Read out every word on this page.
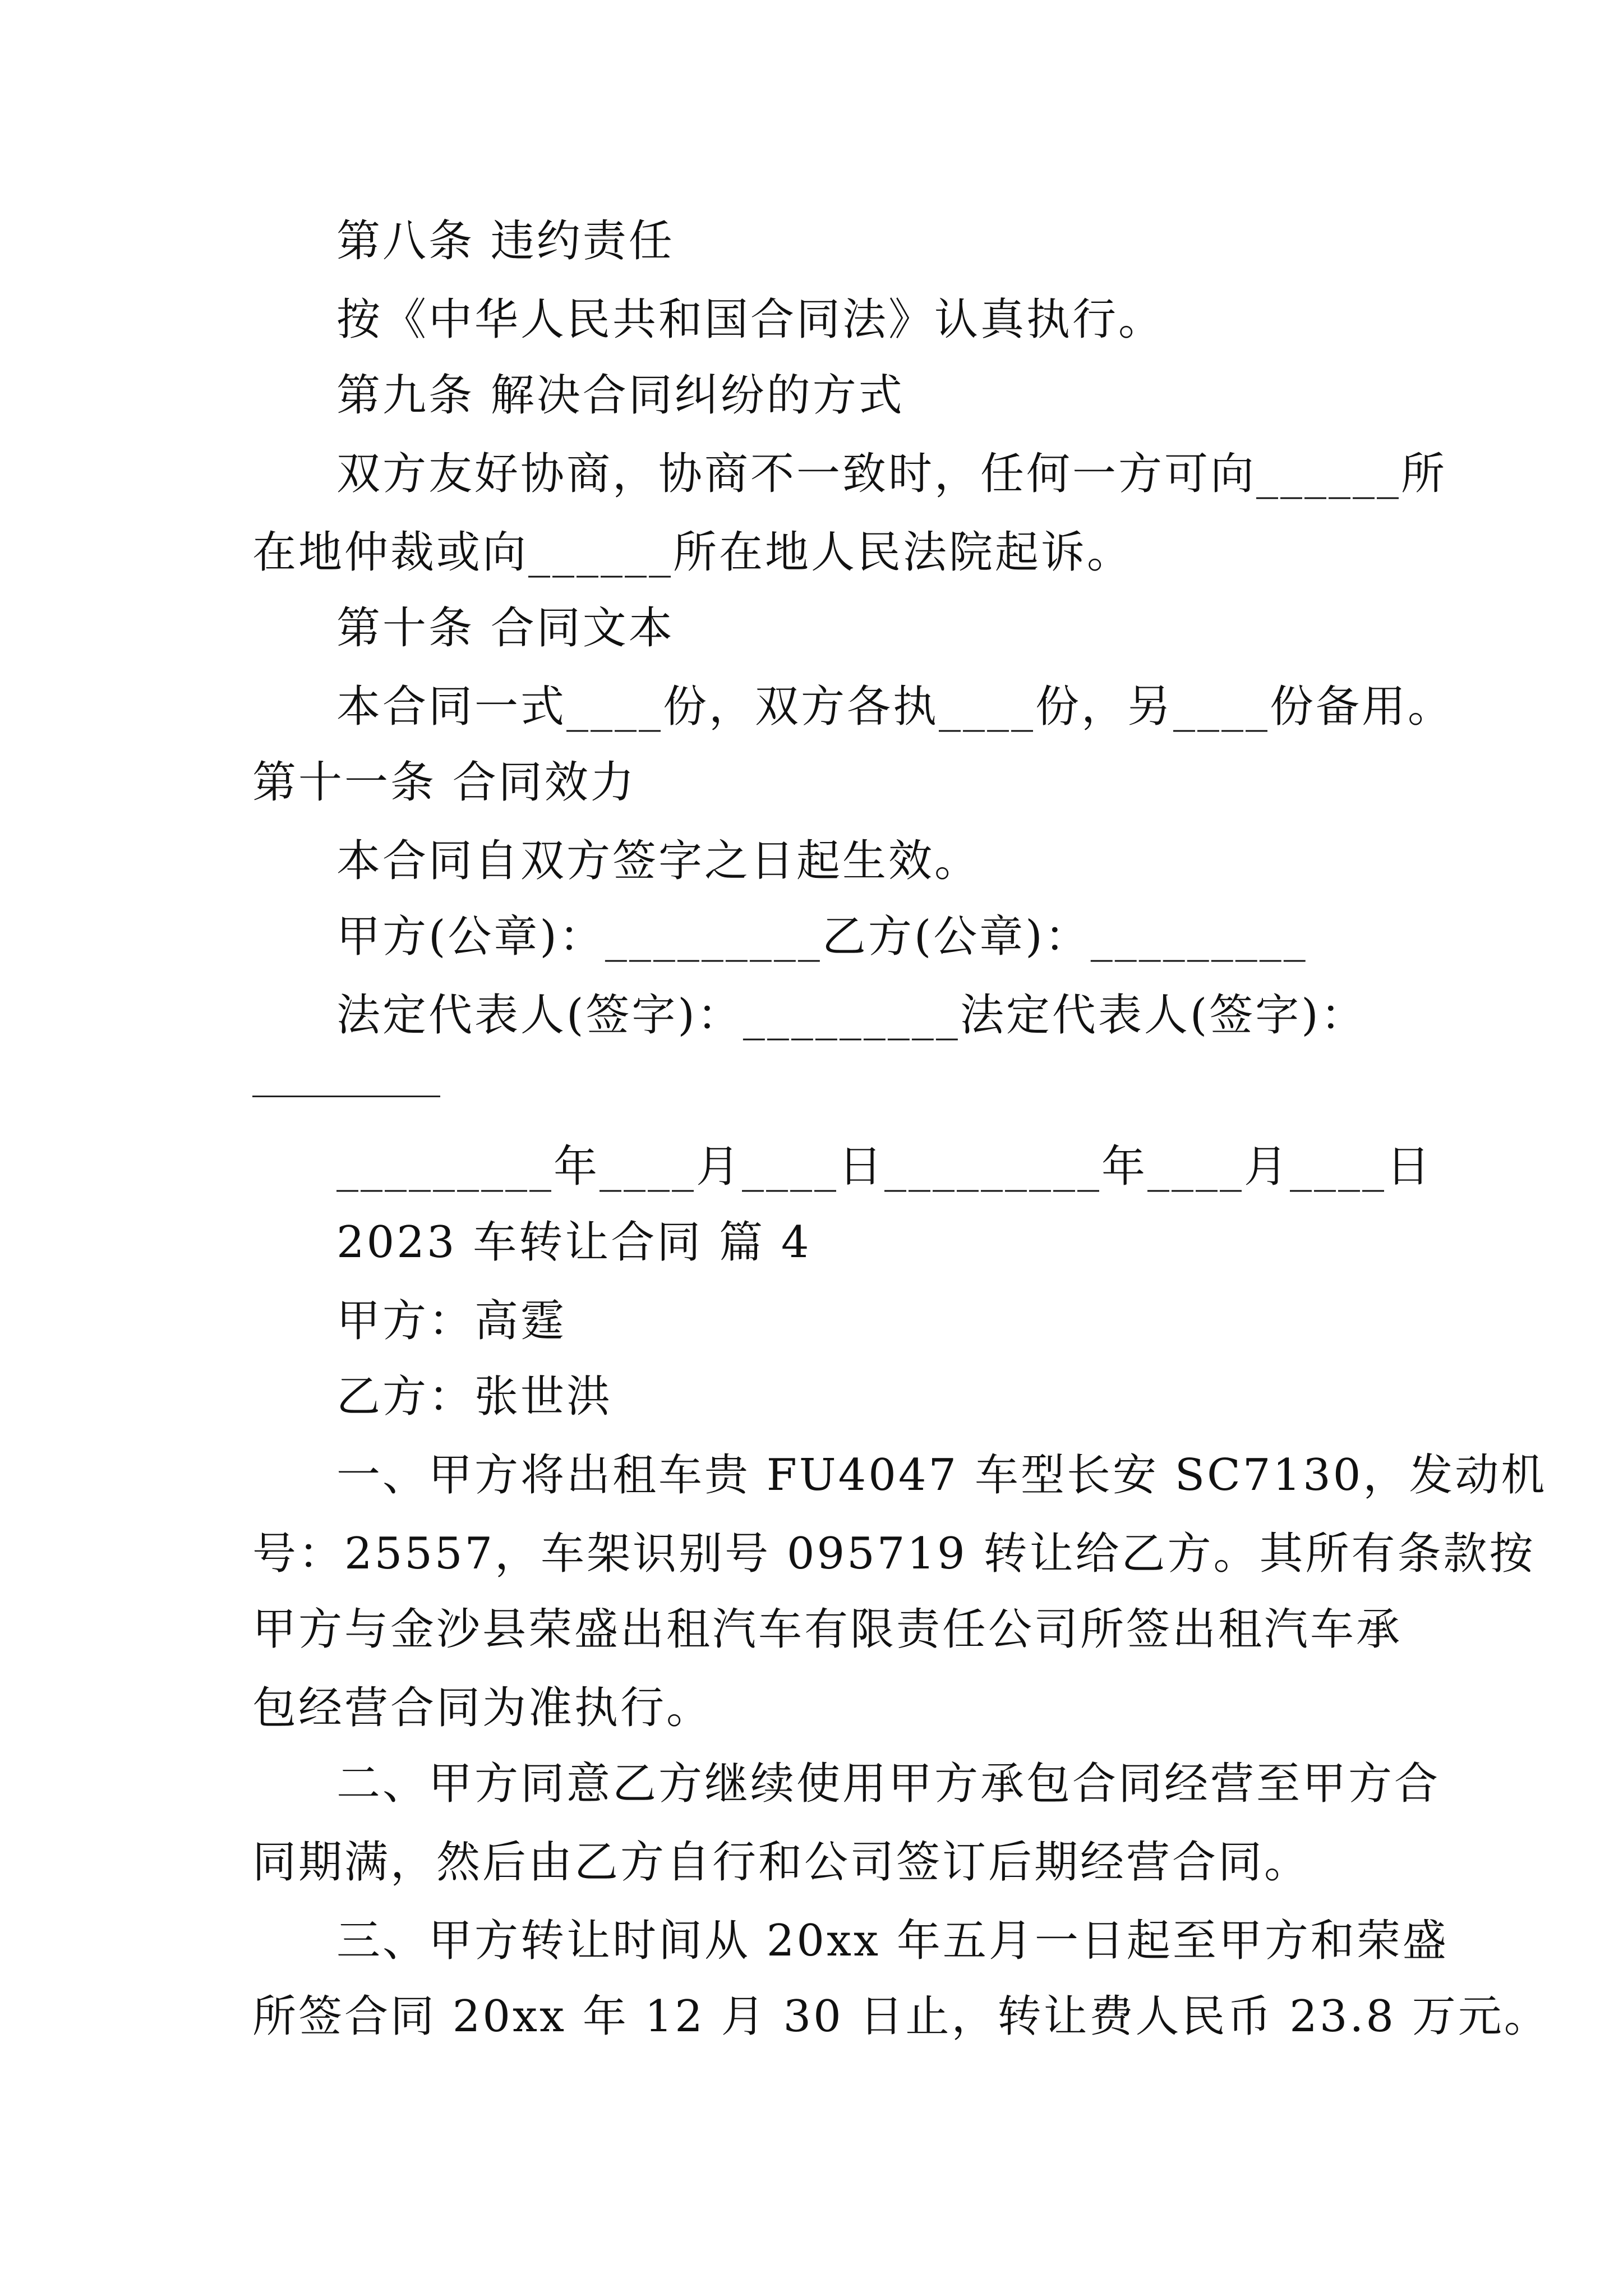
第八条 违约责任
按《中华人民共和国合同法》认真执行。
第九条 解决合同纠纷的方式
双方友好协商，协商不一致时，任何一方可向______所
在地仲裁或向______所在地人民法院起诉。
第十条 合同文本
本合同一式____份，双方各执____份，另____份备用。
第十一条 合同效力
本合同自双方签字之日起生效。
甲方(公章)：_________乙方(公章)：_________
法定代表人(签字)：_________法定代表人(签字)：
_________年____月____日_________年____月____日
2023 车转让合同 篇 4
甲方：高霆
乙方：张世洪
一、甲方将出租车贵 FU4047 车型长安 SC7130，发动机
号：25557，车架识别号 095719 转让给乙方。其所有条款按
甲方与金沙县荣盛出租汽车有限责任公司所签出租汽车承
包经营合同为准执行。
二、甲方同意乙方继续使用甲方承包合同经营至甲方合
同期满，然后由乙方自行和公司签订后期经营合同。
三、甲方转让时间从 20xx 年五月一日起至甲方和荣盛
所签合同 20xx 年 12 月 30 日止，转让费人民币 23.8 万元。
